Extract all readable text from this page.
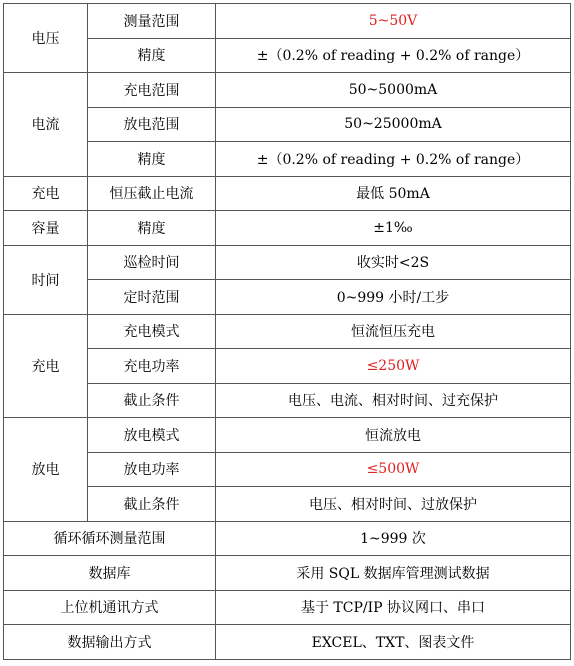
电压	测量范围	5~50V
	精度	±（0.2% of reading + 0.2% of range）
电流	充电范围	50~5000mA
	放电范围	50~25000mA
	精度	±（0.2% of reading + 0.2% of range）
充电	恒压截止电流	最低 50mA
容量	精度	±1‰
时间	巡检时间	收实时<2S
	定时范围	0~999 小时/工步
充电	充电模式	恒流恒压充电
	充电功率	≤250W
	截止条件	电压、电流、相对时间、过充保护
放电	放电模式	恒流放电
	放电功率	≤500W
	截止条件	电压、相对时间、过放保护
循环循环测量范围		1~999 次
数据库		采用 SQL 数据库管理测试数据
上位机通讯方式		基于 TCP/IP 协议网口、串口
数据输出方式		EXCEL、TXT、图表文件
